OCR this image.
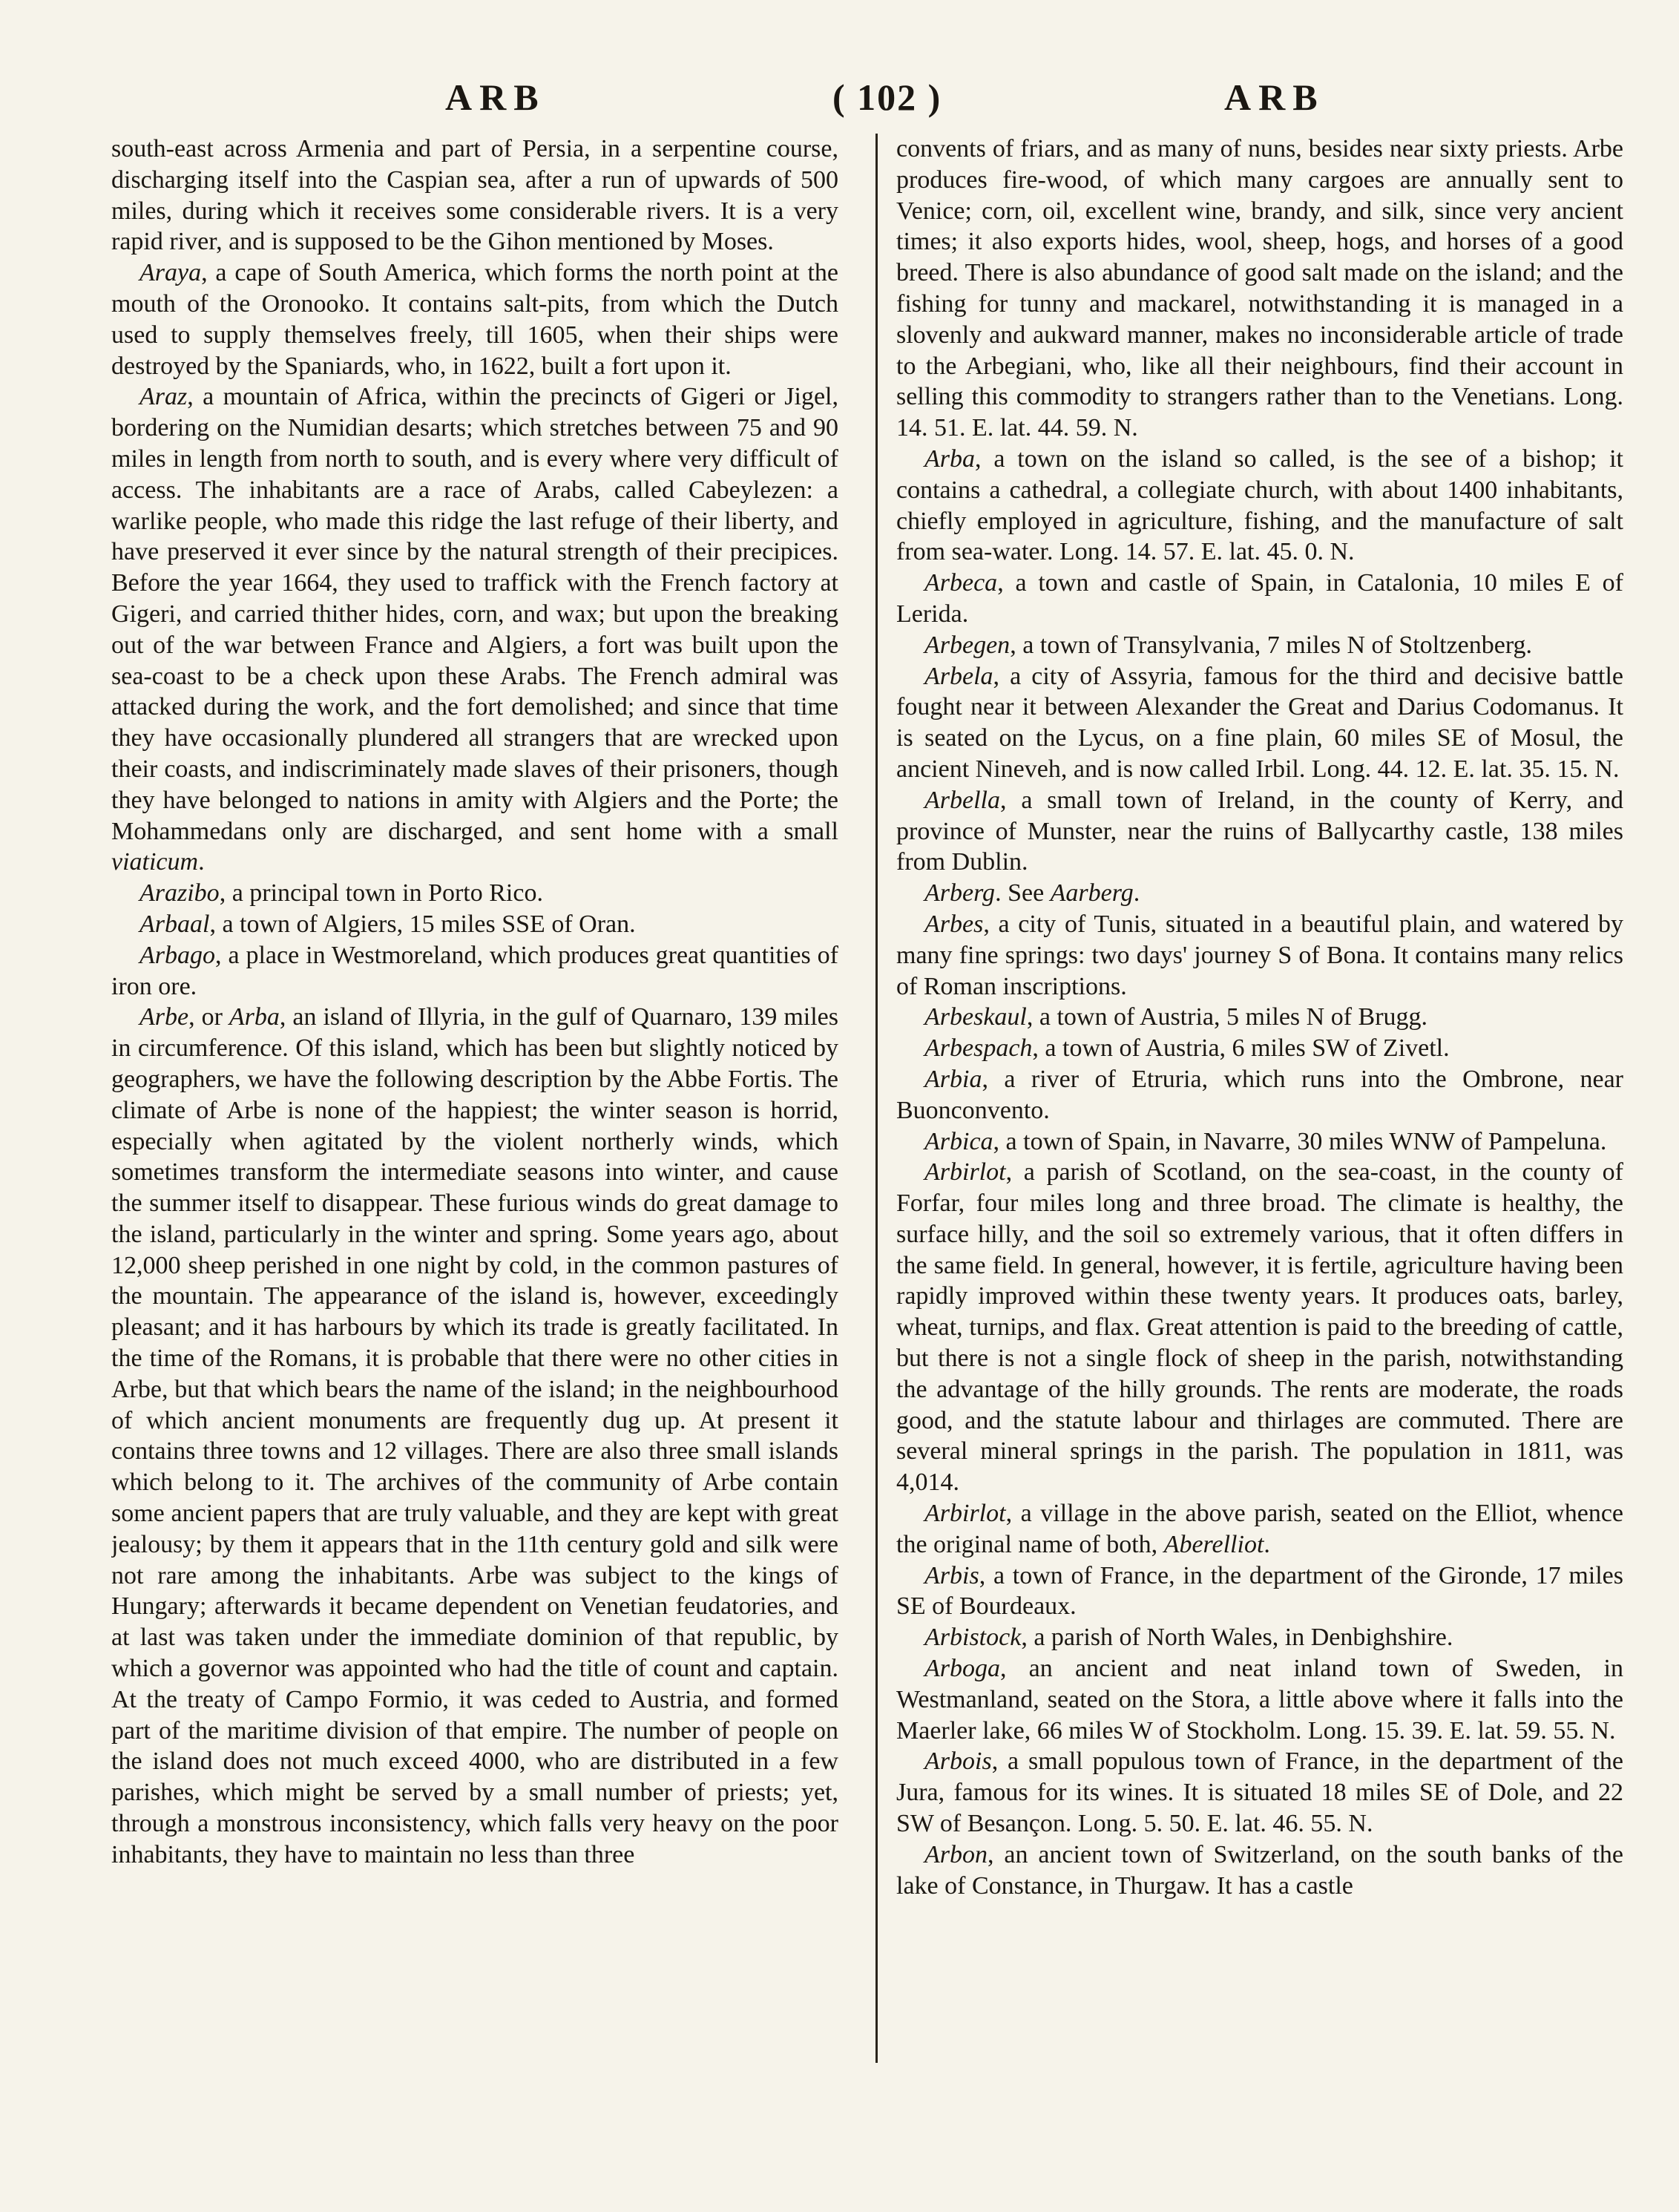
ARB	( 102 )	ARB

south-east across Armenia and part of Persia, in a serpentine course, discharging itself into the Caspian sea, after a run of upwards of 500 miles, during which it receives some considerable rivers. It is a very rapid river, and is supposed to be the Gihon mentioned by Moses.

Araya, a cape of South America, which forms the north point at the mouth of the Oronooko. It contains salt-pits, from which the Dutch used to supply themselves freely, till 1605, when their ships were destroyed by the Spaniards, who, in 1622, built a fort upon it.

Araz, a mountain of Africa, within the precincts of Gigeri or Jigel, bordering on the Numidian desarts; which stretches between 75 and 90 miles in length from north to south, and is every where very difficult of access. The inhabitants are a race of Arabs, called Cabeylezen: a warlike people, who made this ridge the last refuge of their liberty, and have preserved it ever since by the natural strength of their precipices. Before the year 1664, they used to traffick with the French factory at Gigeri, and carried thither hides, corn, and wax; but upon the breaking out of the war between France and Algiers, a fort was built upon the sea-coast to be a check upon these Arabs. The French admiral was attacked during the work, and the fort demolished; and since that time they have occasionally plundered all strangers that are wrecked upon their coasts, and indiscriminately made slaves of their prisoners, though they have belonged to nations in amity with Algiers and the Porte; the Mohammedans only are discharged, and sent home with a small viaticum.

Arazibo, a principal town in Porto Rico.

Arbaal, a town of Algiers, 15 miles SSE of Oran.

Arbago, a place in Westmoreland, which produces great quantities of iron ore.

Arbe, or Arba, an island of Illyria, in the gulf of Quarnaro, 139 miles in circumference. Of this island, which has been but slightly noticed by geographers, we have the following description by the Abbe Fortis. The climate of Arbe is none of the happiest; the winter season is horrid, especially when agitated by the violent northerly winds, which sometimes transform the intermediate seasons into winter, and cause the summer itself to disappear. These furious winds do great damage to the island, particularly in the winter and spring. Some years ago, about 12,000 sheep perished in one night by cold, in the common pastures of the mountain. The appearance of the island is, however, exceedingly pleasant; and it has harbours by which its trade is greatly facilitated. In the time of the Romans, it is probable that there were no other cities in Arbe, but that which bears the name of the island; in the neighbourhood of which ancient monuments are frequently dug up. At present it contains three towns and 12 villages. There are also three small islands which belong to it. The archives of the community of Arbe contain some ancient papers that are truly valuable, and they are kept with great jealousy; by them it appears that in the 11th century gold and silk were not rare among the inhabitants. Arbe was subject to the kings of Hungary; afterwards it became dependent on Venetian feudatories, and at last was taken under the immediate dominion of that republic, by which a governor was appointed who had the title of count and captain. At the treaty of Campo Formio, it was ceded to Austria, and formed part of the maritime division of that empire. The number of people on the island does not much exceed 4000, who are distributed in a few parishes, which might be served by a small number of priests; yet, through a monstrous inconsistency, which falls very heavy on the poor inhabitants, they have to maintain no less than three

convents of friars, and as many of nuns, besides near sixty priests. Arbe produces fire-wood, of which many cargoes are annually sent to Venice; corn, oil, excellent wine, brandy, and silk, since very ancient times; it also exports hides, wool, sheep, hogs, and horses of a good breed. There is also abundance of good salt made on the island; and the fishing for tunny and mackarel, notwithstanding it is managed in a slovenly and aukward manner, makes no inconsiderable article of trade to the Arbegiani, who, like all their neighbours, find their account in selling this commodity to strangers rather than to the Venetians. Long. 14. 51. E. lat. 44. 59. N.

Arba, a town on the island so called, is the see of a bishop; it contains a cathedral, a collegiate church, with about 1400 inhabitants, chiefly employed in agriculture, fishing, and the manufacture of salt from sea-water. Long. 14. 57. E. lat. 45. 0. N.

Arbeca, a town and castle of Spain, in Catalonia, 10 miles E of Lerida.

Arbegen, a town of Transylvania, 7 miles N of Stoltzenberg.

Arbela, a city of Assyria, famous for the third and decisive battle fought near it between Alexander the Great and Darius Codomanus. It is seated on the Lycus, on a fine plain, 60 miles SE of Mosul, the ancient Nineveh, and is now called Irbil. Long. 44. 12. E. lat. 35. 15. N.

Arbella, a small town of Ireland, in the county of Kerry, and province of Munster, near the ruins of Ballycarthy castle, 138 miles from Dublin.

Arberg. See Aarberg.

Arbes, a city of Tunis, situated in a beautiful plain, and watered by many fine springs: two days' journey S of Bona. It contains many relics of Roman inscriptions.

Arbeskaul, a town of Austria, 5 miles N of Brugg.

Arbespach, a town of Austria, 6 miles SW of Zivetl.

Arbia, a river of Etruria, which runs into the Ombrone, near Buonconvento.

Arbica, a town of Spain, in Navarre, 30 miles WNW of Pampeluna.

Arbirlot, a parish of Scotland, on the sea-coast, in the county of Forfar, four miles long and three broad. The climate is healthy, the surface hilly, and the soil so extremely various, that it often differs in the same field. In general, however, it is fertile, agriculture having been rapidly improved within these twenty years. It produces oats, barley, wheat, turnips, and flax. Great attention is paid to the breeding of cattle, but there is not a single flock of sheep in the parish, notwithstanding the advantage of the hilly grounds. The rents are moderate, the roads good, and the statute labour and thirlages are commuted. There are several mineral springs in the parish. The population in 1811, was 4,014.

Arbirlot, a village in the above parish, seated on the Elliot, whence the original name of both, Aberelliot.

Arbis, a town of France, in the department of the Gironde, 17 miles SE of Bourdeaux.

Arbistock, a parish of North Wales, in Denbighshire.

Arboga, an ancient and neat inland town of Sweden, in Westmanland, seated on the Stora, a little above where it falls into the Maerler lake, 66 miles W of Stockholm. Long. 15. 39. E. lat. 59. 55. N.

Arbois, a small populous town of France, in the department of the Jura, famous for its wines. It is situated 18 miles SE of Dole, and 22 SW of Besançon. Long. 5. 50. E. lat. 46. 55. N.

Arbon, an ancient town of Switzerland, on the south banks of the lake of Constance, in Thurgaw. It has a castle
